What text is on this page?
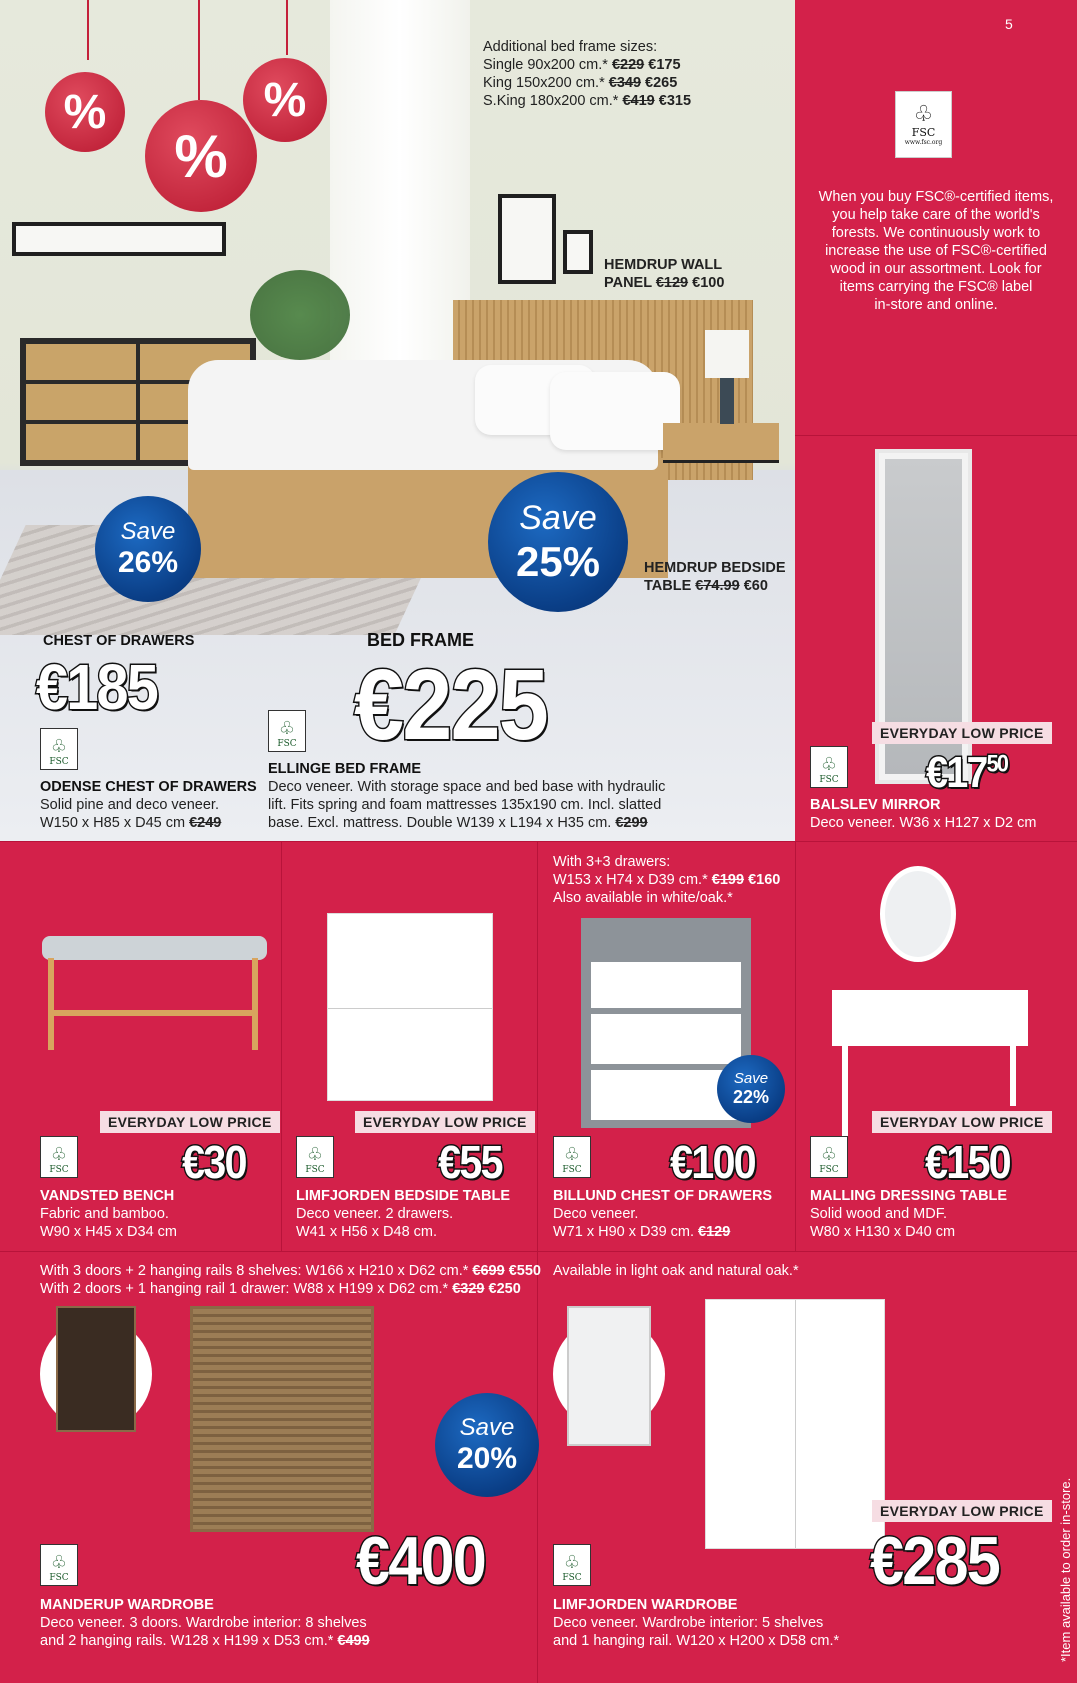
%
%
%
Additional bed frame sizes:
Single 90x200 cm.* €229 €175
King 150x200 cm.* €349 €265
S.King 180x200 cm.* €419 €315
HEMDRUP WALL
PANEL €129 €100
HEMDRUP BEDSIDE
TABLE €74.99 €60
Save
26%
Save
25%
CHEST OF DRAWERS
€185
BED FRAME
€225
♧
FSC
♧
FSC
ODENSE CHEST OF DRAWERS
Solid pine and deco veneer.
W150 x H85 x D45 cm €249
ELLINGE BED FRAME
Deco veneer. With storage space and bed base with hydraulic
lift. Fits spring and foam mattresses 135x190 cm. Incl. slatted
base. Excl. mattress. Double W139 x L194 x H35 cm. €299
5
♧
FSC
www.fsc.org
When you buy FSC®-certified items,
you help take care of the world's
forests. We continuously work to
increase the use of FSC®-certified
wood in our assortment. Look for
items carrying the FSC® label
in-store and online.
EVERYDAY LOW PRICE
$€17^{50}$
♧
FSC
BALSLEV MIRROR
Deco veneer. W36 x H127 x D2 cm
With 3+3 drawers:
W153 x H74 x D39 cm.* €199 €160
Also available in white/oak.*
Save
22%
EVERYDAY LOW PRICE	EVERYDAY LOW PRICE	EVERYDAY LOW PRICE
€30	€55	€100	€150
♧
FSC
♧
FSC
♧
FSC
♧
FSC
VANDSTED BENCH
Fabric and bamboo.
W90 x H45 x D34 cm
LIMFJORDEN BEDSIDE TABLE
Deco veneer. 2 drawers.
W41 x H56 x D48 cm.
BILLUND CHEST OF DRAWERS
Deco veneer.
W71 x H90 x D39 cm. €129
MALLING DRESSING TABLE
Solid wood and MDF.
W80 x H130 x D40 cm
With 3 doors + 2 hanging rails 8 shelves: W166 x H210 x D62 cm.* €699 €550
With 2 doors + 1 hanging rail 1 drawer: W88 x H199 x D62 cm.* €329 €250
Available in light oak and natural oak.*
Save
20%
€400
EVERYDAY LOW PRICE
€285
♧
FSC
♧
FSC
MANDERUP WARDROBE
Deco veneer. 3 doors. Wardrobe interior: 8 shelves
and 2 hanging rails. W128 x H199 x D53 cm.* €499
LIMFJORDEN WARDROBE
Deco veneer. Wardrobe interior: 5 shelves
and 1 hanging rail. W120 x H200 x D58 cm.*	*Item available to order in-store.
